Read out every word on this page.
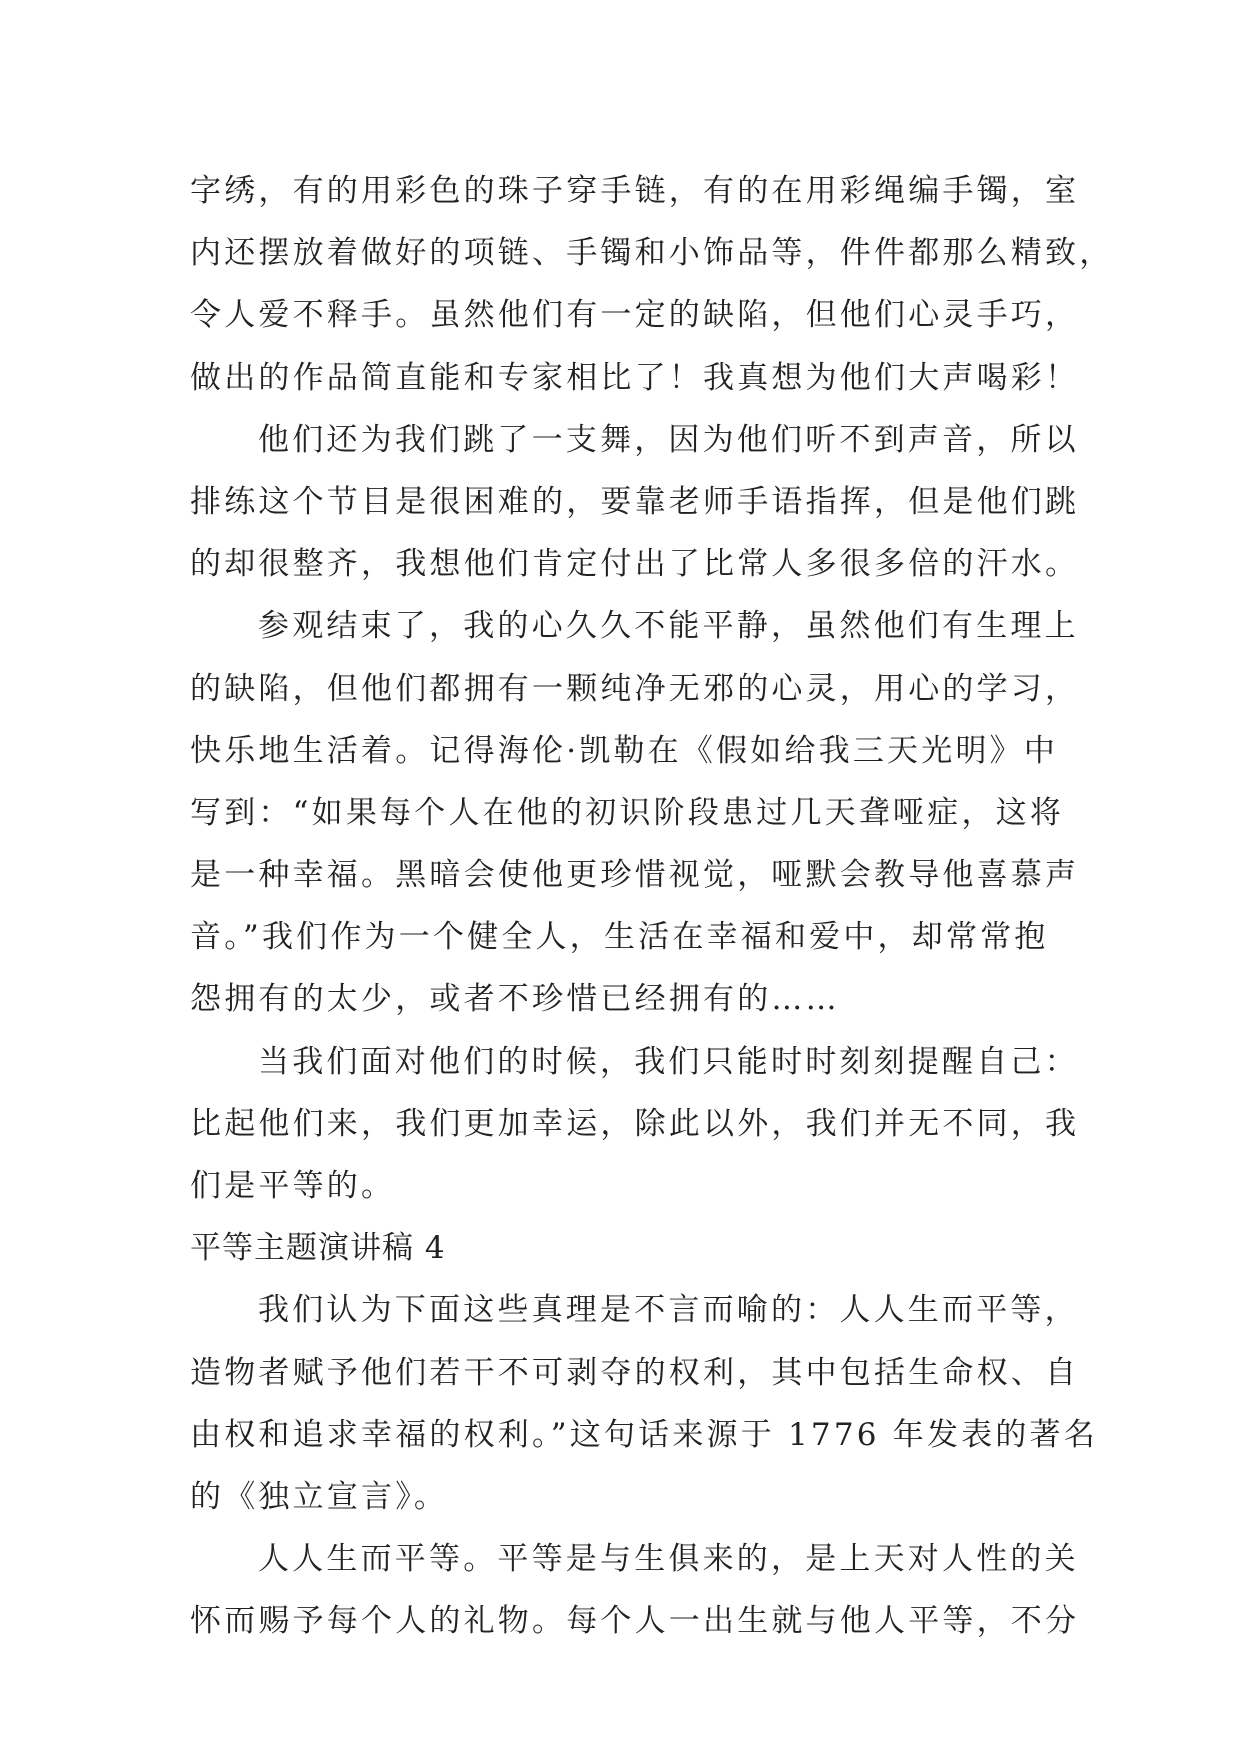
字绣，有的用彩色的珠子穿手链，有的在用彩绳编手镯，室
内还摆放着做好的项链、手镯和小饰品等，件件都那么精致，
令人爱不释手。虽然他们有一定的缺陷，但他们心灵手巧，
做出的作品简直能和专家相比了！我真想为他们大声喝彩！
他们还为我们跳了一支舞，因为他们听不到声音，所以
排练这个节目是很困难的，要靠老师手语指挥，但是他们跳
的却很整齐，我想他们肯定付出了比常人多很多倍的汗水。
参观结束了，我的心久久不能平静，虽然他们有生理上
的缺陷，但他们都拥有一颗纯净无邪的心灵，用心的学习，
快乐地生活着。记得海伦·凯勒在《假如给我三天光明》中
写到：“如果每个人在他的初识阶段患过几天聋哑症，这将
是一种幸福。黑暗会使他更珍惜视觉，哑默会教导他喜慕声
音。”我们作为一个健全人，生活在幸福和爱中，却常常抱
怨拥有的太少，或者不珍惜已经拥有的……
当我们面对他们的时候，我们只能时时刻刻提醒自己：
比起他们来，我们更加幸运，除此以外，我们并无不同，我
们是平等的。
平等主题演讲稿 4
我们认为下面这些真理是不言而喻的：人人生而平等，
造物者赋予他们若干不可剥夺的权利，其中包括生命权、自
由权和追求幸福的权利。”这句话来源于 1776 年发表的著名
的《独立宣言》。
人人生而平等。平等是与生俱来的，是上天对人性的关
怀而赐予每个人的礼物。每个人一出生就与他人平等，不分
